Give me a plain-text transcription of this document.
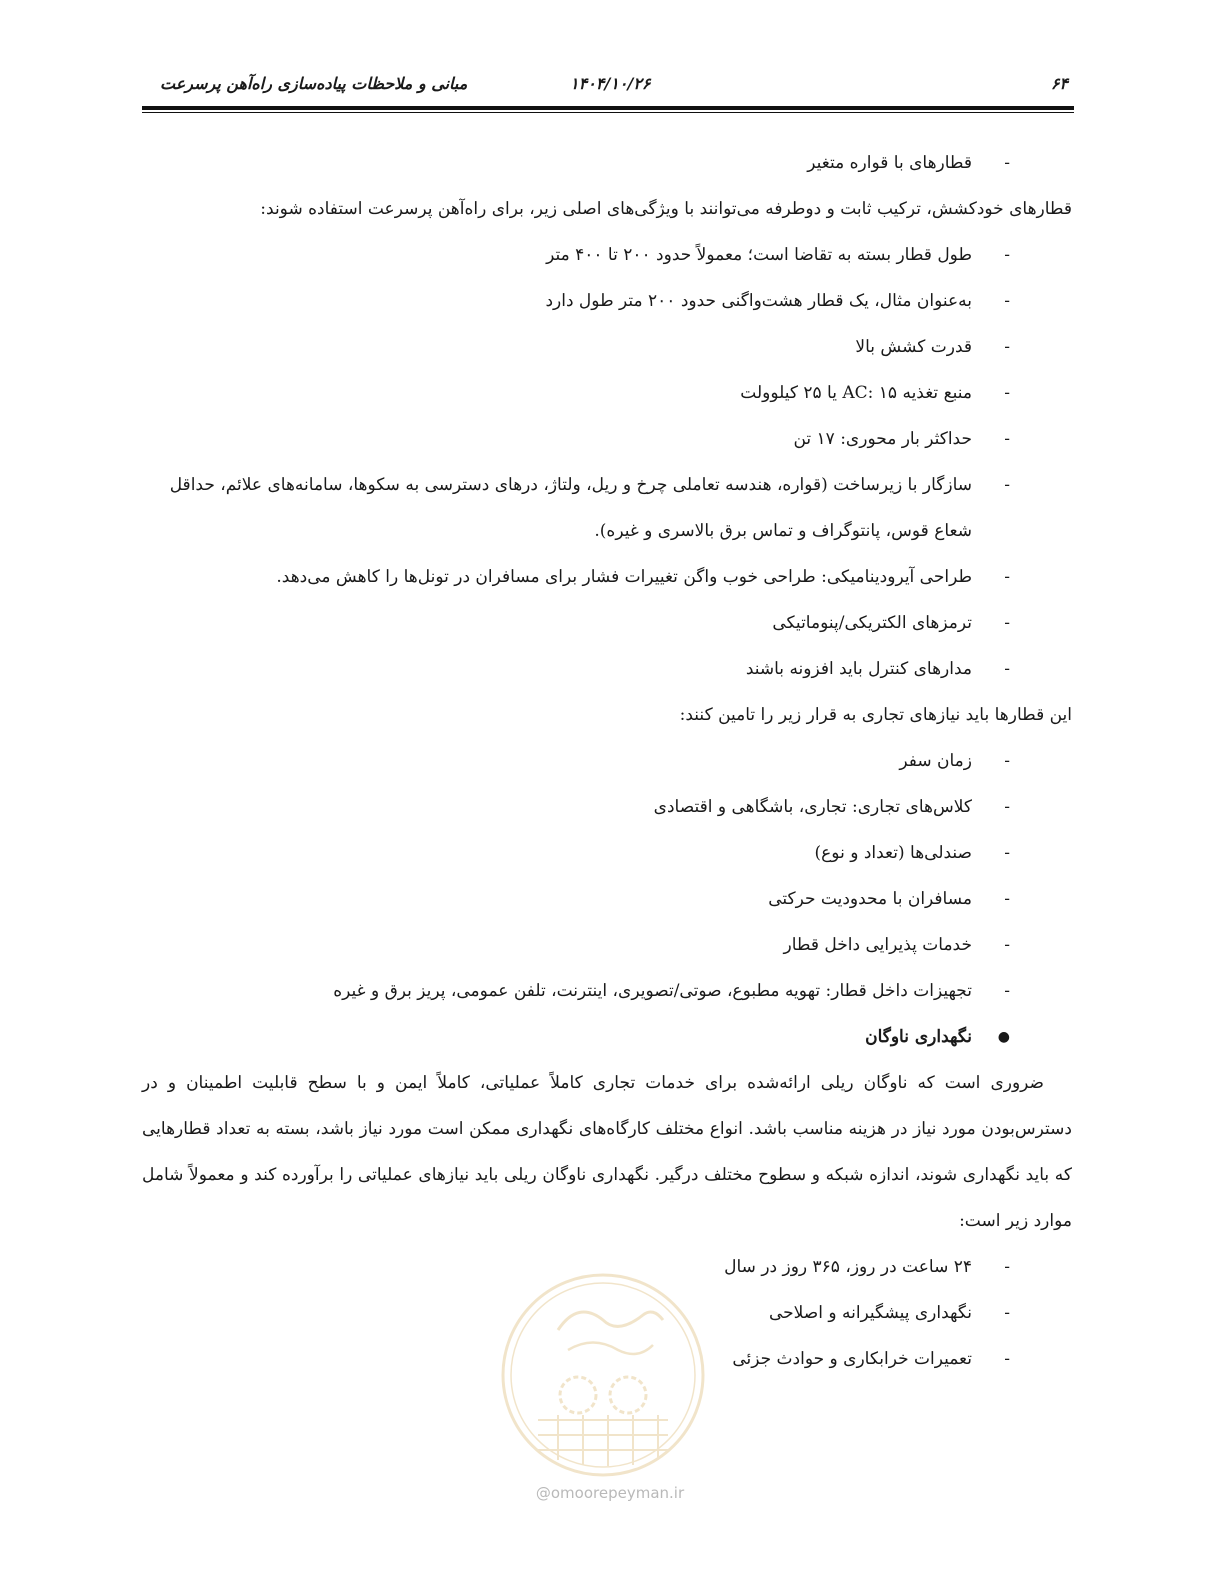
مبانی و ملاحظات پیاده‌سازی راه‌آهن پرسرعت	۱۴۰۴/۱۰/۲۶	۶۴
-
قطارهای با قواره متغیر

قطارهای خودکشش، ترکیب ثابت و دوطرفه می‌توانند با ویژگی‌های اصلی زیر، برای راه‌آهن پرسرعت استفاده شوند:

-
طول قطار بسته به تقاضا است؛ معمولاً حدود ۲۰۰ تا ۴۰۰ متر
-
به‌عنوان مثال، یک قطار هشت‌واگنی حدود ۲۰۰ متر طول دارد
-
قدرت کشش بالا
-
منبع تغذیه AC: ۱۵ یا ۲۵ کیلوولت
-
حداکثر بار محوری: ۱۷ تن
-
سازگار با زیرساخت (قواره، هندسه تعاملی چرخ و ریل، ولتاژ، درهای دسترسی به سکوها، سامانه‌های علائم، حداقل شعاع قوس، پانتوگراف و تماس برق بالاسری و غیره).
-
طراحی آیرودینامیکی: طراحی خوب واگن تغییرات فشار برای مسافران در تونل‌ها را کاهش می‌دهد.
-
ترمزهای الکتریکی/پنوماتیکی
-
مدارهای کنترل باید افزونه باشند

این قطارها باید نیازهای تجاری به قرار زیر را تامین کنند:

-
زمان سفر
-
کلاس‌های تجاری: تجاری، باشگاهی و اقتصادی
-
صندلی‌ها (تعداد و نوع)
-
مسافران با محدودیت حرکتی
-
خدمات پذیرایی داخل قطار
-
تجهیزات داخل قطار: تهویه مطبوع، صوتی/تصویری، اینترنت، تلفن عمومی، پریز برق و غیره
●
نگهداری ناوگان

ضروری است که ناوگان ریلی ارائه‌شده برای خدمات تجاری کاملاً عملیاتی، کاملاً ایمن و با سطح قابلیت اطمینان و در دسترس‌بودن مورد نیاز در هزینه مناسب باشد. انواع مختلف کارگاه‌های نگهداری ممکن است مورد نیاز باشد، بسته به تعداد قطارهایی که باید نگهداری شوند، اندازه شبکه و سطوح مختلف درگیر. نگهداری ناوگان ریلی باید نیازهای عملیاتی را برآورده کند و معمولاً شامل موارد زیر است:

-
۲۴ ساعت در روز، ۳۶۵ روز در سال
-
نگهداری پیشگیرانه و اصلاحی
-
تعمیرات خرابکاری و حوادث جزئی
@omoorepeyman.ir
